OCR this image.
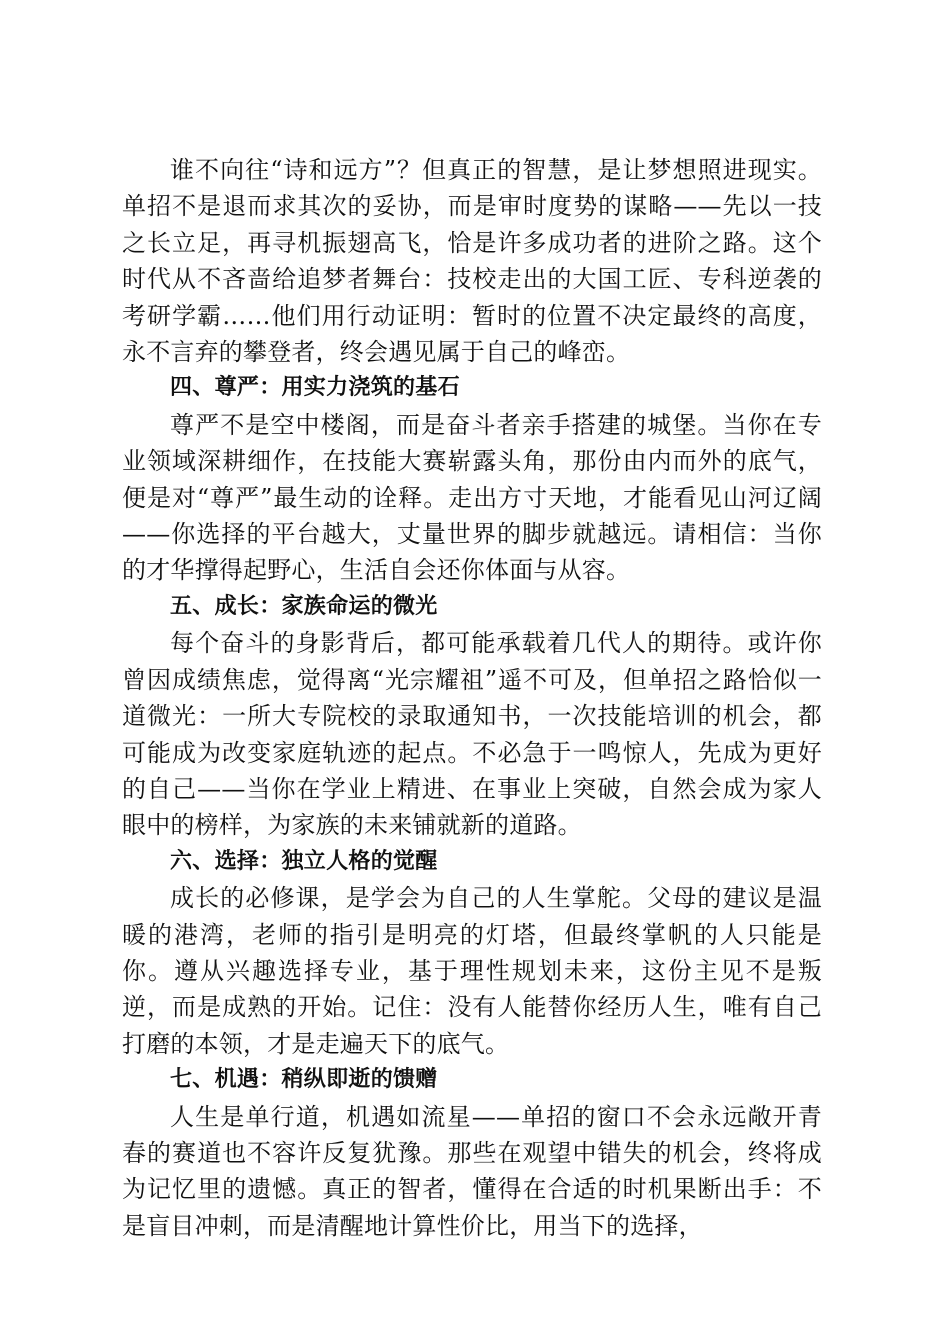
谁不向往“诗和远方”？但真正的智慧，是让梦想照进现实。单招不是退而求其次的妥协，而是审时度势的谋略——先以一技之长立足，再寻机振翅高飞，恰是许多成功者的进阶之路。这个时代从不吝啬给追梦者舞台：技校走出的大国工匠、专科逆袭的考研学霸……他们用行动证明：暂时的位置不决定最终的高度，永不言弃的攀登者，终会遇见属于自己的峰峦。

四、尊严：用实力浇筑的基石

尊严不是空中楼阁，而是奋斗者亲手搭建的城堡。当你在专业领域深耕细作，在技能大赛崭露头角，那份由内而外的底气，便是对“尊严”最生动的诠释。走出方寸天地，才能看见山河辽阔——你选择的平台越大，丈量世界的脚步就越远。请相信：当你的才华撑得起野心，生活自会还你体面与从容。

五、成长：家族命运的微光

每个奋斗的身影背后，都可能承载着几代人的期待。或许你曾因成绩焦虑，觉得离“光宗耀祖”遥不可及，但单招之路恰似一道微光：一所大专院校的录取通知书，一次技能培训的机会，都可能成为改变家庭轨迹的起点。不必急于一鸣惊人，先成为更好的自己——当你在学业上精进、在事业上突破，自然会成为家人眼中的榜样，为家族的未来铺就新的道路。

六、选择：独立人格的觉醒

成长的必修课，是学会为自己的人生掌舵。父母的建议是温暖的港湾，老师的指引是明亮的灯塔，但最终掌帆的人只能是你。遵从兴趣选择专业，基于理性规划未来，这份主见不是叛逆，而是成熟的开始。记住：没有人能替你经历人生，唯有自己打磨的本领，才是走遍天下的底气。

七、机遇：稍纵即逝的馈赠

人生是单行道，机遇如流星——单招的窗口不会永远敞开青春的赛道也不容许反复犹豫。那些在观望中错失的机会，终将成为记忆里的遗憾。真正的智者，懂得在合适的时机果断出手：不是盲目冲刺，而是清醒地计算性价比，用当下的选择，
